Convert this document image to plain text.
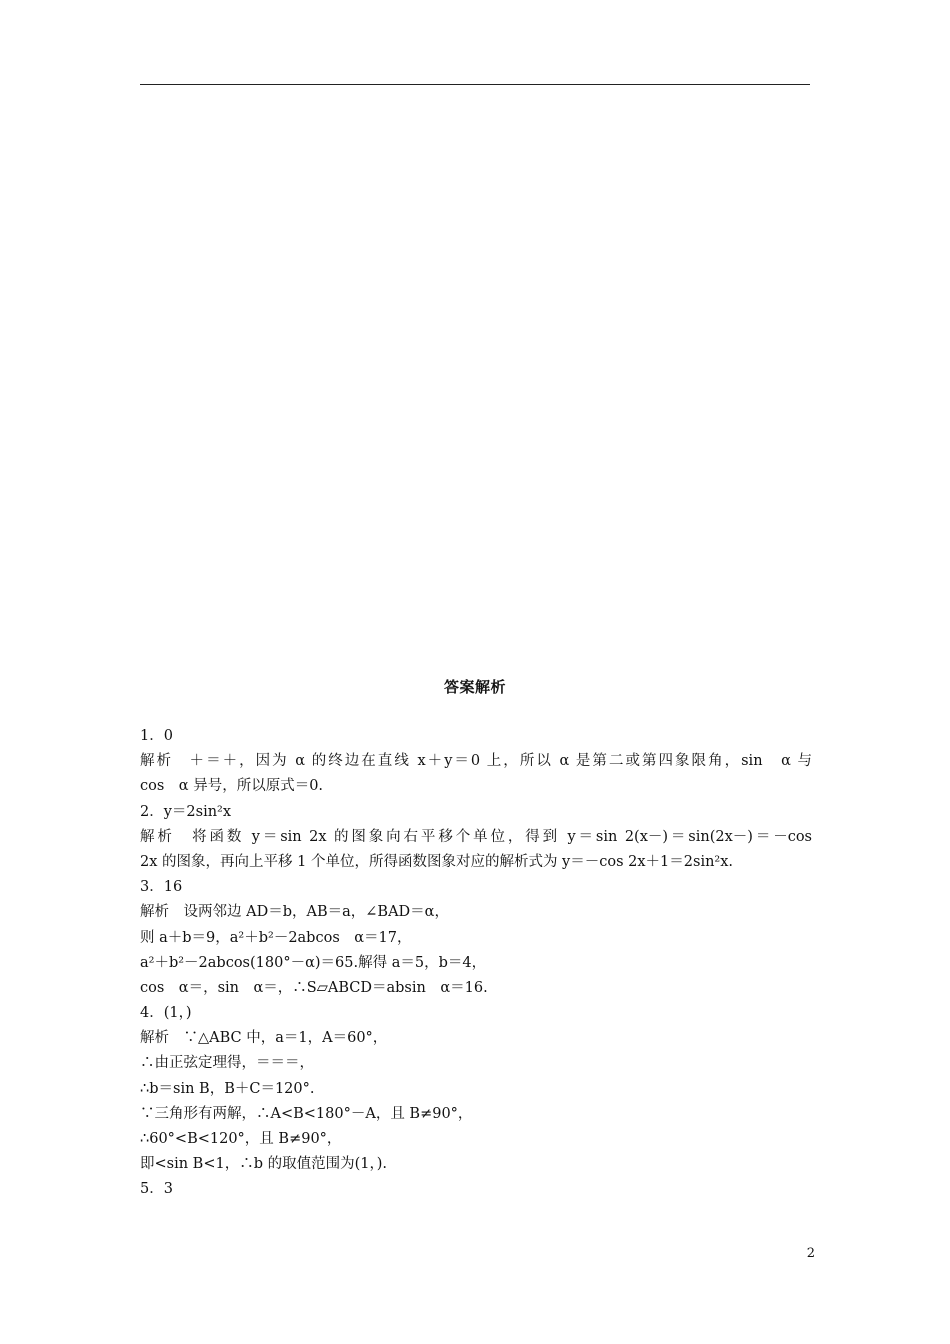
答案解析
1．0
解析　＋＝＋，因为 α 的终边在直线 x＋y＝0 上，所以 α 是第二或第四象限角，sin　α 与
cos　α 异号，所以原式＝0.
2．y＝2sin²x
解析　将函数 y＝sin 2x 的图象向右平移个单位，得到 y＝sin 2(x－)＝sin(2x－)＝－cos
2x 的图象，再向上平移 1 个单位，所得函数图象对应的解析式为 y＝－cos 2x＋1＝2sin²x.
3．16
解析　设两邻边 AD＝b，AB＝a，∠BAD＝α，
则 a＋b＝9，a²＋b²－2abcos　α＝17，
a²＋b²－2abcos(180°－α)＝65.解得 a＝5，b＝4，
cos　α＝，sin　α＝，∴S▱ABCD＝absin　α＝16.
4．(1，)
解析　∵△ABC 中，a＝1，A＝60°，
∴由正弦定理得，＝＝＝，
∴b＝sin B，B＋C＝120°.
∵三角形有两解，∴A<B<180°－A，且 B≠90°，
∴60°<B<120°，且 B≠90°，
即<sin B<1，∴b 的取值范围为(1，).
5．3
2
